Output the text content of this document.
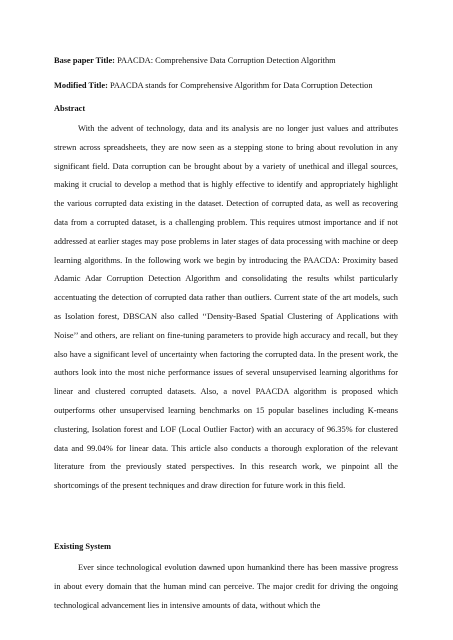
Base paper Title: PAACDA: Comprehensive Data Corruption Detection Algorithm

Modified Title: PAACDA stands for Comprehensive Algorithm for Data Corruption Detection

Abstract

With the advent of technology, data and its analysis are no longer just values and attributes strewn across spreadsheets, they are now seen as a stepping stone to bring about revolution in any significant field. Data corruption can be brought about by a variety of unethical and illegal sources, making it crucial to develop a method that is highly effective to identify and appropriately highlight the various corrupted data existing in the dataset. Detection of corrupted data, as well as recovering data from a corrupted dataset, is a challenging problem. This requires utmost importance and if not addressed at earlier stages may pose problems in later stages of data processing with machine or deep learning algorithms. In the following work we begin by introducing the PAACDA: Proximity based Adamic Adar Corruption Detection Algorithm and consolidating the results whilst particularly accentuating the detection of corrupted data rather than outliers. Current state of the art models, such as Isolation forest, DBSCAN also called ‘‘Density-Based Spatial Clustering of Applications with Noise’’ and others, are reliant on fine-tuning parameters to provide high accuracy and recall, but they also have a significant level of uncertainty when factoring the corrupted data. In the present work, the authors look into the most niche performance issues of several unsupervised learning algorithms for linear and clustered corrupted datasets. Also, a novel PAACDA algorithm is proposed which outperforms other unsupervised learning benchmarks on 15 popular baselines including K-means clustering, Isolation forest and LOF (Local Outlier Factor) with an accuracy of 96.35% for clustered data and 99.04% for linear data. This article also conducts a thorough exploration of the relevant literature from the previously stated perspectives. In this research work, we pinpoint all the shortcomings of the present techniques and draw direction for future work in this field.

Existing System

Ever since technological evolution dawned upon humankind there has been massive progress in about every domain that the human mind can perceive. The major credit for driving the ongoing technological advancement lies in intensive amounts of data, without which the
